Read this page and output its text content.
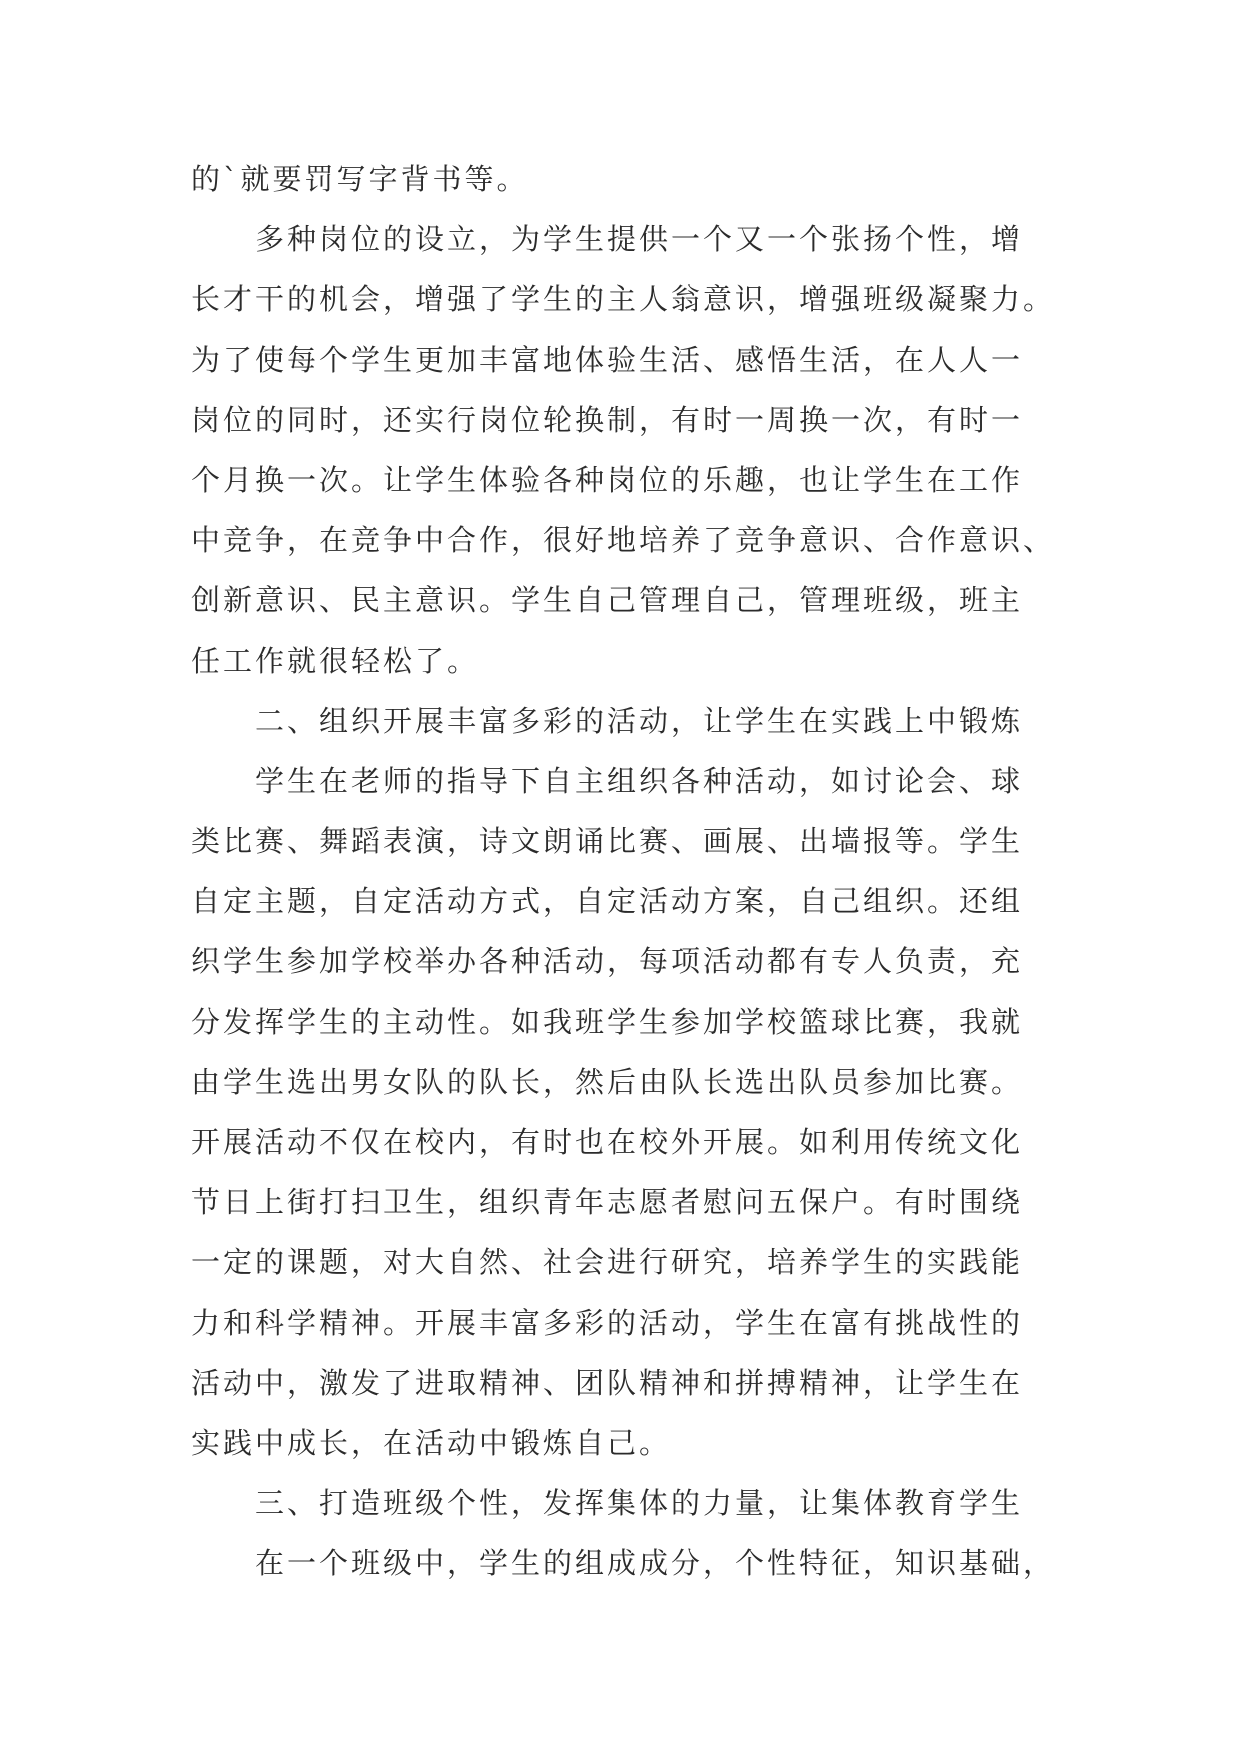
的`就要罚写字背书等。
多种岗位的设立，为学生提供一个又一个张扬个性，增
长才干的机会，增强了学生的主人翁意识，增强班级凝聚力。
为了使每个学生更加丰富地体验生活、感悟生活，在人人一
岗位的同时，还实行岗位轮换制，有时一周换一次，有时一
个月换一次。让学生体验各种岗位的乐趣，也让学生在工作
中竞争，在竞争中合作，很好地培养了竞争意识、合作意识、
创新意识、民主意识。学生自己管理自己，管理班级，班主
任工作就很轻松了。
二、组织开展丰富多彩的活动，让学生在实践上中锻炼
学生在老师的指导下自主组织各种活动，如讨论会、球
类比赛、舞蹈表演，诗文朗诵比赛、画展、出墙报等。学生
自定主题，自定活动方式，自定活动方案，自己组织。还组
织学生参加学校举办各种活动，每项活动都有专人负责，充
分发挥学生的主动性。如我班学生参加学校篮球比赛，我就
由学生选出男女队的队长，然后由队长选出队员参加比赛。
开展活动不仅在校内，有时也在校外开展。如利用传统文化
节日上街打扫卫生，组织青年志愿者慰问五保户。有时围绕
一定的课题，对大自然、社会进行研究，培养学生的实践能
力和科学精神。开展丰富多彩的活动，学生在富有挑战性的
活动中，激发了进取精神、团队精神和拼搏精神，让学生在
实践中成长，在活动中锻炼自己。
三、打造班级个性，发挥集体的力量，让集体教育学生
在一个班级中，学生的组成成分，个性特征，知识基础，
